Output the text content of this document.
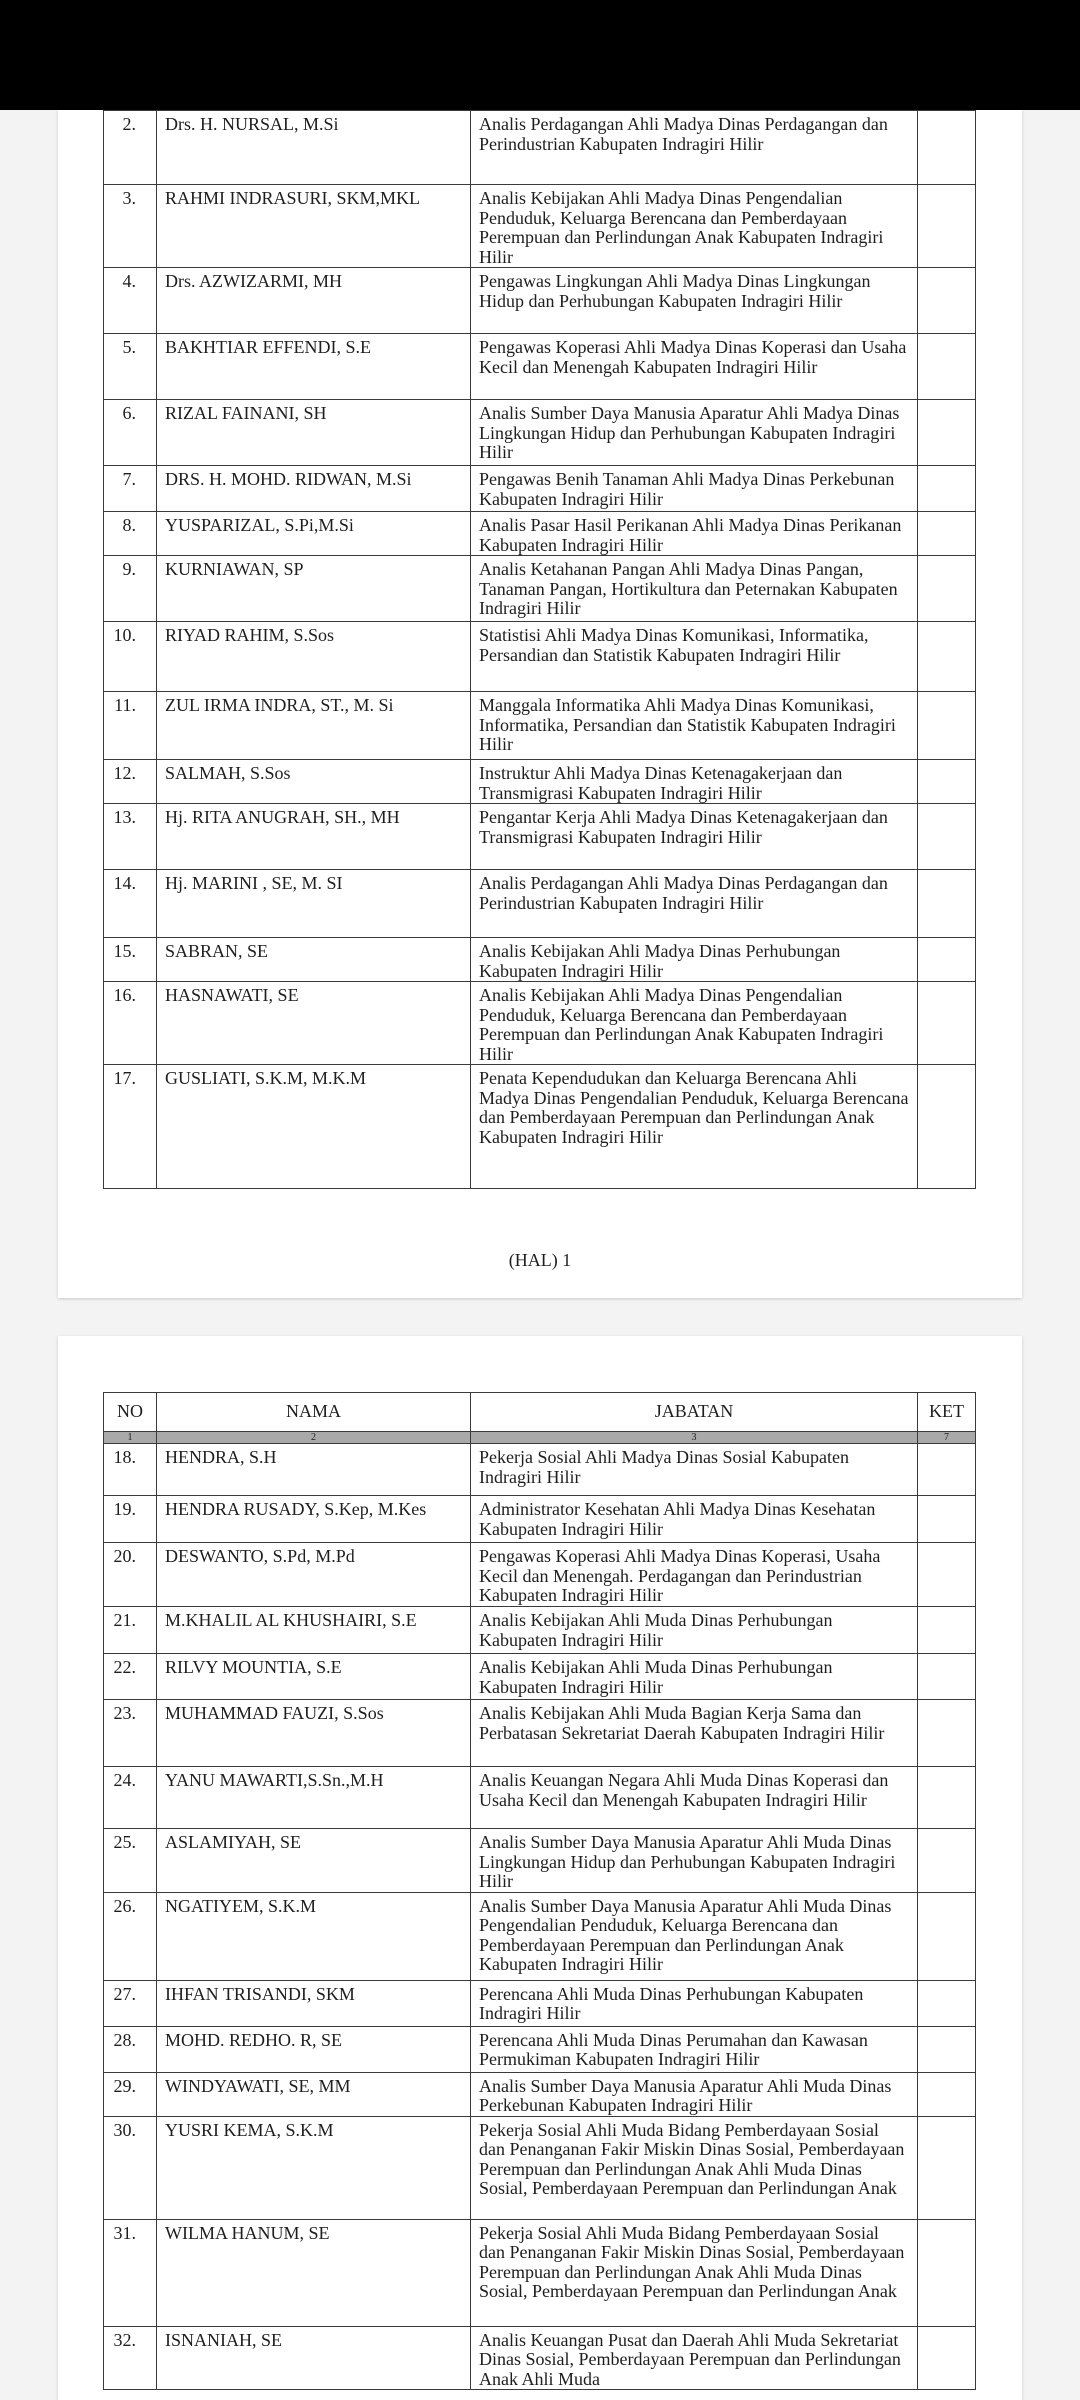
2.	Drs. H. NURSAL, M.Si	Analis Perdagangan Ahli Madya Dinas Perdagangan dan Perindustrian Kabupaten Indragiri Hilir	
3.	RAHMI INDRASURI, SKM,MKL	Analis Kebijakan Ahli Madya Dinas Pengendalian Penduduk, Keluarga Berencana dan Pemberdayaan Perempuan dan Perlindungan Anak Kabupaten Indragiri Hilir	
4.	Drs. AZWIZARMI, MH	Pengawas Lingkungan Ahli Madya Dinas Lingkungan Hidup dan Perhubungan Kabupaten Indragiri Hilir	
5.	BAKHTIAR EFFENDI, S.E	Pengawas Koperasi Ahli Madya Dinas Koperasi dan Usaha Kecil dan Menengah Kabupaten Indragiri Hilir	
6.	RIZAL FAINANI, SH	Analis Sumber Daya Manusia Aparatur Ahli Madya Dinas Lingkungan Hidup dan Perhubungan Kabupaten Indragiri Hilir	
7.	DRS. H. MOHD. RIDWAN, M.Si	Pengawas Benih Tanaman Ahli Madya Dinas Perkebunan Kabupaten Indragiri Hilir	
8.	YUSPARIZAL, S.Pi,M.Si	Analis Pasar Hasil Perikanan Ahli Madya Dinas Perikanan Kabupaten Indragiri Hilir	
9.	KURNIAWAN, SP	Analis Ketahanan Pangan Ahli Madya Dinas Pangan, Tanaman Pangan, Hortikultura dan Peternakan Kabupaten Indragiri Hilir	
10.	RIYAD RAHIM, S.Sos	Statistisi Ahli Madya Dinas Komunikasi, Informatika, Persandian dan Statistik Kabupaten Indragiri Hilir	
11.	ZUL IRMA INDRA, ST., M. Si	Manggala Informatika Ahli Madya Dinas Komunikasi, Informatika, Persandian dan Statistik Kabupaten Indragiri Hilir	
12.	SALMAH, S.Sos	Instruktur Ahli Madya Dinas Ketenagakerjaan dan Transmigrasi Kabupaten Indragiri Hilir	
13.	Hj. RITA ANUGRAH, SH., MH	Pengantar Kerja Ahli Madya Dinas Ketenagakerjaan dan Transmigrasi Kabupaten Indragiri Hilir	
14.	Hj. MARINI , SE, M. SI	Analis Perdagangan Ahli Madya Dinas Perdagangan dan Perindustrian Kabupaten Indragiri Hilir	
15.	SABRAN, SE	Analis Kebijakan Ahli Madya Dinas Perhubungan Kabupaten Indragiri Hilir	
16.	HASNAWATI, SE	Analis Kebijakan Ahli Madya Dinas Pengendalian Penduduk, Keluarga Berencana dan Pemberdayaan Perempuan dan Perlindungan Anak Kabupaten Indragiri Hilir	
17.	GUSLIATI, S.K.M, M.K.M	Penata Kependudukan dan Keluarga Berencana Ahli Madya Dinas Pengendalian Penduduk, Keluarga Berencana dan Pemberdayaan Perempuan dan Perlindungan Anak Kabupaten Indragiri Hilir	
(HAL) 1
NO	NAMA	JABATAN	KET
1	2	3	7
18.	HENDRA, S.H	Pekerja Sosial Ahli Madya Dinas Sosial Kabupaten Indragiri Hilir	
19.	HENDRA RUSADY, S.Kep, M.Kes	Administrator Kesehatan Ahli Madya Dinas Kesehatan Kabupaten Indragiri Hilir	
20.	DESWANTO, S.Pd, M.Pd	Pengawas Koperasi Ahli Madya Dinas Koperasi, Usaha Kecil dan Menengah. Perdagangan dan Perindustrian Kabupaten Indragiri Hilir	
21.	M.KHALIL AL KHUSHAIRI, S.E	Analis Kebijakan Ahli Muda Dinas Perhubungan Kabupaten Indragiri Hilir	
22.	RILVY MOUNTIA, S.E	Analis Kebijakan Ahli Muda Dinas Perhubungan Kabupaten Indragiri Hilir	
23.	MUHAMMAD FAUZI, S.Sos	Analis Kebijakan Ahli Muda Bagian Kerja Sama dan Perbatasan Sekretariat Daerah Kabupaten Indragiri Hilir	
24.	YANU MAWARTI,S.Sn.,M.H	Analis Keuangan Negara Ahli Muda Dinas Koperasi dan Usaha Kecil dan Menengah Kabupaten Indragiri Hilir	
25.	ASLAMIYAH, SE	Analis Sumber Daya Manusia Aparatur Ahli Muda Dinas Lingkungan Hidup dan Perhubungan Kabupaten Indragiri Hilir	
26.	NGATIYEM, S.K.M	Analis Sumber Daya Manusia Aparatur Ahli Muda Dinas Pengendalian Penduduk, Keluarga Berencana dan Pemberdayaan Perempuan dan Perlindungan Anak Kabupaten Indragiri Hilir	
27.	IHFAN TRISANDI, SKM	Perencana Ahli Muda Dinas Perhubungan Kabupaten Indragiri Hilir	
28.	MOHD. REDHO. R, SE	Perencana Ahli Muda Dinas Perumahan dan Kawasan Permukiman Kabupaten Indragiri Hilir	
29.	WINDYAWATI, SE, MM	Analis Sumber Daya Manusia Aparatur Ahli Muda Dinas Perkebunan Kabupaten Indragiri Hilir	
30.	YUSRI KEMA, S.K.M	Pekerja Sosial Ahli Muda Bidang Pemberdayaan Sosial dan Penanganan Fakir Miskin Dinas Sosial, Pemberdayaan Perempuan dan Perlindungan Anak Ahli Muda Dinas Sosial, Pemberdayaan Perempuan dan Perlindungan Anak	
31.	WILMA HANUM, SE	Pekerja Sosial Ahli Muda Bidang Pemberdayaan Sosial dan Penanganan Fakir Miskin Dinas Sosial, Pemberdayaan Perempuan dan Perlindungan Anak Ahli Muda Dinas Sosial, Pemberdayaan Perempuan dan Perlindungan Anak	
32.	ISNANIAH, SE	Analis Keuangan Pusat dan Daerah Ahli Muda Sekretariat Dinas Sosial, Pemberdayaan Perempuan dan Perlindungan Anak Ahli Muda	
